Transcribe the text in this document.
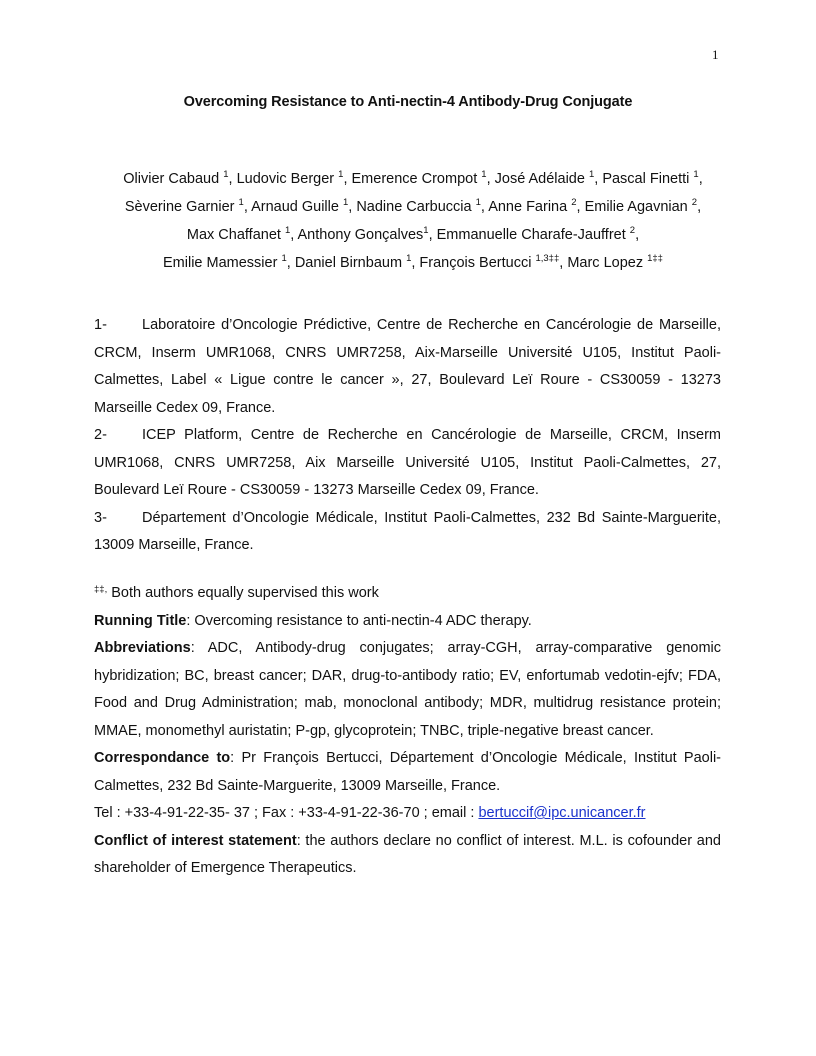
1
Overcoming Resistance to Anti-nectin-4 Antibody-Drug Conjugate
Olivier Cabaud $^1$, Ludovic Berger $^1$, Emerence Crompot $^1$, José Adélaide $^1$, Pascal Finetti $^1$,
Sèverine Garnier $^1$, Arnaud Guille $^1$, Nadine Carbuccia $^1$, Anne Farina $^2$, Emilie Agavnian $^2$,
Max Chaffanet $^1$, Anthony Gonçalves$^1$, Emmanuelle Charafe-Jauffret $^2$,
Emilie Mamessier $^1$, Daniel Birnbaum $^1$, François Bertucci $^{1,3\ddagger\ddagger}$, Marc Lopez $^{1\ddagger\ddagger}$
1- Laboratoire d’Oncologie Prédictive, Centre de Recherche en Cancérologie de Marseille, CRCM, Inserm UMR1068, CNRS UMR7258, Aix-Marseille Université U105, Institut Paoli-Calmettes, Label « Ligue contre le cancer », 27, Boulevard Leï Roure - CS30059 - 13273 Marseille Cedex 09, France.
2- ICEP Platform, Centre de Recherche en Cancérologie de Marseille, CRCM, Inserm UMR1068, CNRS UMR7258, Aix Marseille Université U105, Institut Paoli-Calmettes, 27, Boulevard Leï Roure - CS30059 - 13273 Marseille Cedex 09, France.
3- Département d’Oncologie Médicale, Institut Paoli-Calmettes, 232 Bd Sainte-Marguerite, 13009 Marseille, France.

‡‡, Both authors equally supervised this work

Running Title: Overcoming resistance to anti-nectin-4 ADC therapy.

Abbreviations: ADC, Antibody-drug conjugates; array-CGH, array-comparative genomic hybridization; BC, breast cancer; DAR, drug-to-antibody ratio; EV, enfortumab vedotin-ejfv; FDA, Food and Drug Administration; mab, monoclonal antibody; MDR, multidrug resistance protein; MMAE, monomethyl auristatin; P-gp, glycoprotein; TNBC, triple-negative breast cancer.

Correspondance to: Pr François Bertucci, Département d’Oncologie Médicale, Institut Paoli-Calmettes, 232 Bd Sainte-Marguerite, 13009 Marseille, France.

Tel : +33-4-91-22-35- 37 ; Fax : +33-4-91-22-36-70 ; email : bertuccif@ipc.unicancer.fr

Conflict of interest statement: the authors declare no conflict of interest. M.L. is cofounder and shareholder of Emergence Therapeutics.
